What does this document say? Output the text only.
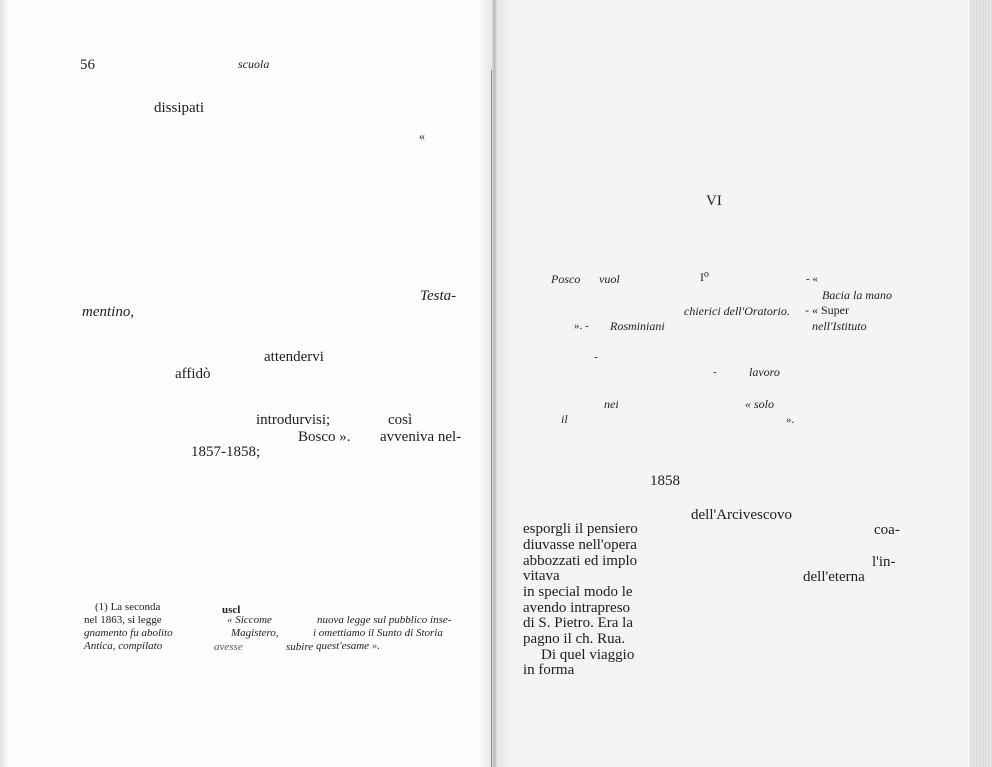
56	scuola
dissipati
«
Testa-
mentino,
attendervi
affidò
introdurvisi;	così
Bosco ». avveniva nel-
1857-1858;
(1) La seconda
nel 1863, si legge
gnamento fu abolito
Antica, compilato
uscl
« Siccome
Magistero,
avesse	subire
nuova legge sul pubblico inse-
i omettiamo il Sunto di Storia
quest'esame ».
VI
Posco vuol	I⁰	- «
Bacia la mano
chierici dell'Oratorio. - « Super
». - Rosminiani	nell'Istituto
-
-	lavoro
nei	« solo
il	».
1858
dell'Arcivescovo
esporgli il pensiero	coa-
diuvasse nell'opera
abbozzati ed implo	l'in-
vitava	dell'eterna
in special modo le
avendo intrapreso
di S. Pietro. Era la
pagno il ch. Rua.
Di quel viaggio
in forma
